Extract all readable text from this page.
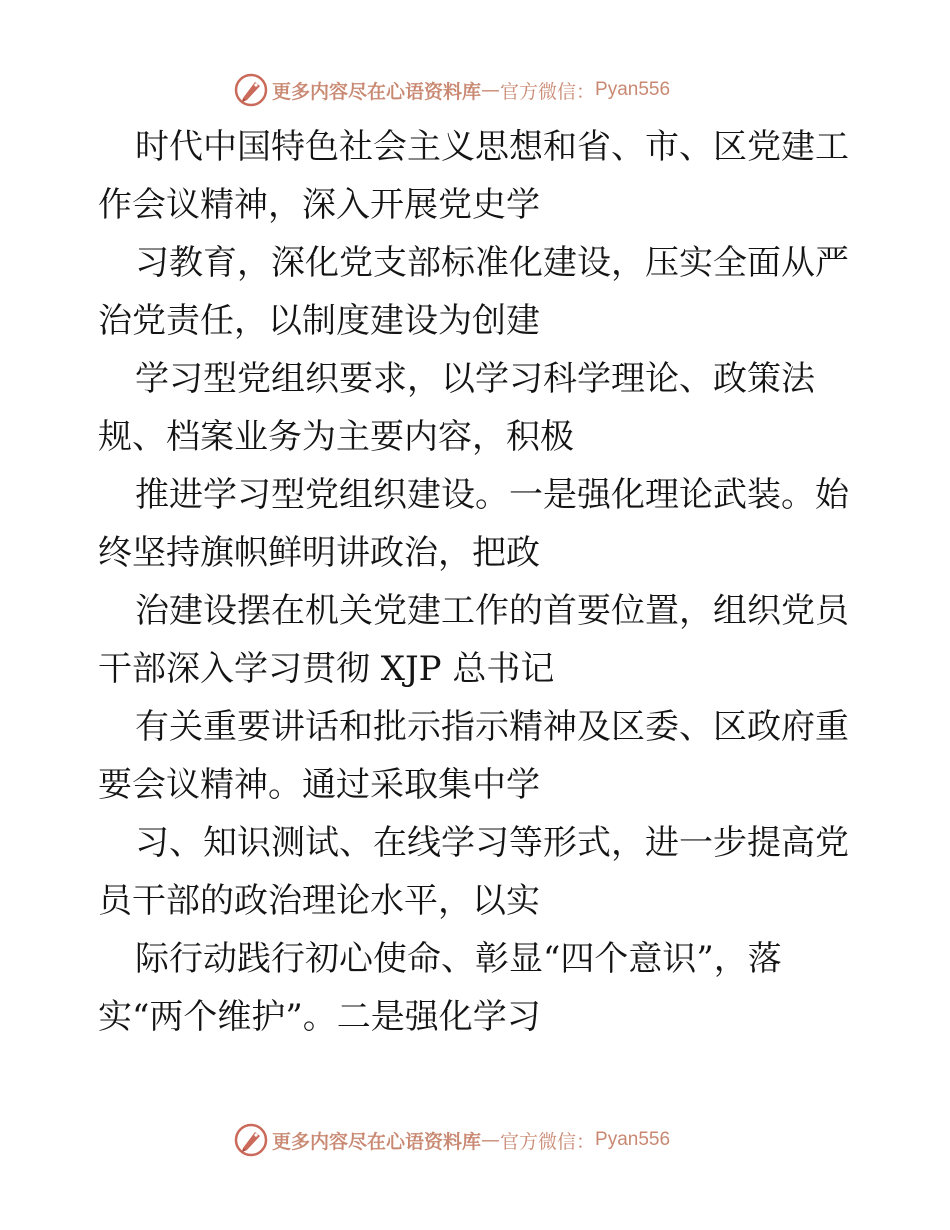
更多内容尽在心语资料库 — 官方微信： Pyan556

时代中国特色社会主义思想和省、市、区党建工
作会议精神，深入开展党史学

习教育，深化党支部标准化建设，压实全面从严
治党责任，以制度建设为创建

学习型党组织要求，以学习科学理论、政策法
规、档案业务为主要内容，积极

推进学习型党组织建设。一是强化理论武装。始
终坚持旗帜鲜明讲政治，把政

治建设摆在机关党建工作的首要位置，组织党员
干部深入学习贯彻 XJP 总书记

有关重要讲话和批示指示精神及区委、区政府重
要会议精神。通过采取集中学

习、知识测试、在线学习等形式，进一步提高党
员干部的政治理论水平，以实

际行动践行初心使命、彰显“四个意识”，落
实“两个维护”。二是强化学习

更多内容尽在心语资料库 — 官方微信： Pyan556
